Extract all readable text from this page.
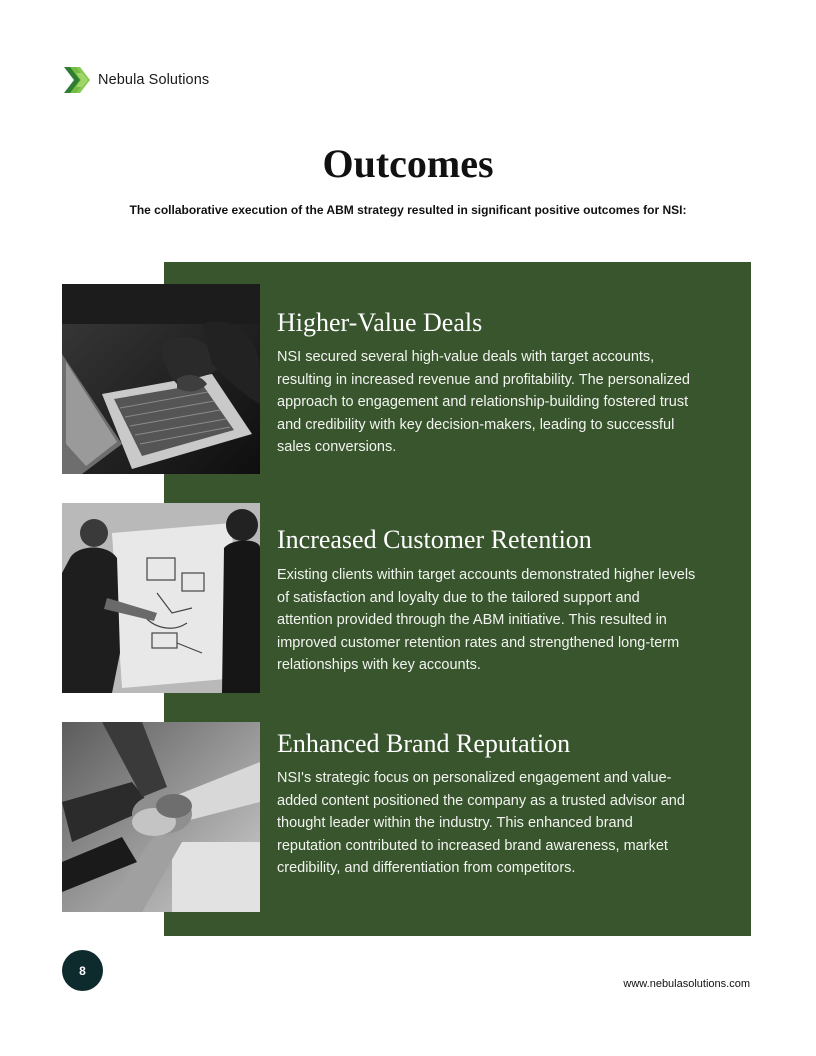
Nebula Solutions
Outcomes

The collaborative execution of the ABM strategy resulted in significant positive outcomes for NSI:

Higher-Value Deals

NSI secured several high-value deals with target accounts, resulting in increased revenue and profitability. The personalized approach to engagement and relationship-building fostered trust and credibility with key decision-makers, leading to successful sales conversions.

Increased Customer Retention

Existing clients within target accounts demonstrated higher levels of satisfaction and loyalty due to the tailored support and attention provided through the ABM initiative. This resulted in improved customer retention rates and strengthened long-term relationships with key accounts.

Enhanced Brand Reputation

NSI's strategic focus on personalized engagement and value-added content positioned the company as a trusted advisor and thought leader within the industry. This enhanced brand reputation contributed to increased brand awareness, market credibility, and differentiation from competitors.

8
www.nebulasolutions.com
